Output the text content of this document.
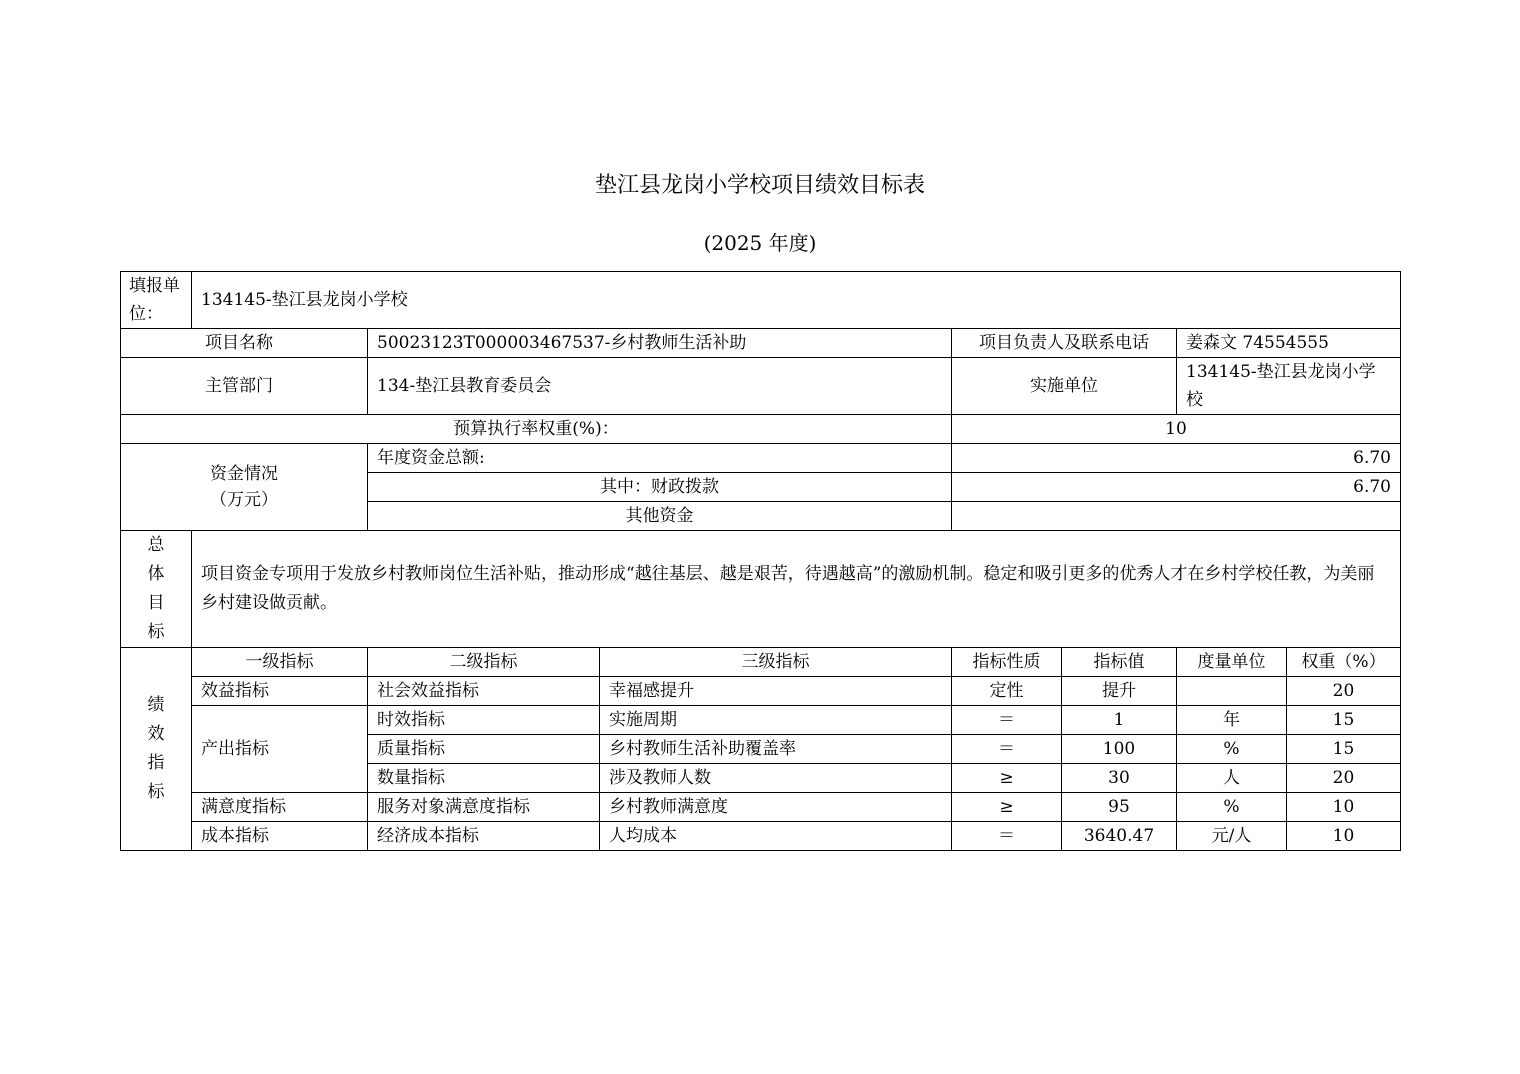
垫江县龙岗小学校项目绩效目标表
(2025 年度)
填报单位：	134145-垫江县龙岗小学校						
项目名称		50023123T000003467537-乡村教师生活补助		项目负责人及联系电话		姜森文 74554555	
主管部门		134-垫江县教育委员会		实施单位		134145-垫江县龙岗小学校	
预算执行率权重(%)：				10			

资金情况
（万元）		年度资金总额:		6.70			
		其中：财政拨款		6.70			
		其他资金					

总
体
目
标	项目资金专项用于发放乡村教师岗位生活补贴，推动形成“越往基层、越是艰苦，待遇越高”的激励机制。稳定和吸引更多的优秀人才在乡村学校任教，为美丽乡村建设做贡献。						

绩
效
指
标	一级指标	二级指标	三级指标	指标性质	指标值	度量单位	权重（%）
	效益指标	社会效益指标	幸福感提升	定性	提升		20
	产出指标	时效指标	实施周期	＝	1	年	15
		质量指标	乡村教师生活补助覆盖率	＝	100	%	15
		数量指标	涉及教师人数	≥	30	人	20
	满意度指标	服务对象满意度指标	乡村教师满意度	≥	95	%	10
	成本指标	经济成本指标	人均成本	＝	3640.47	元/人	10
